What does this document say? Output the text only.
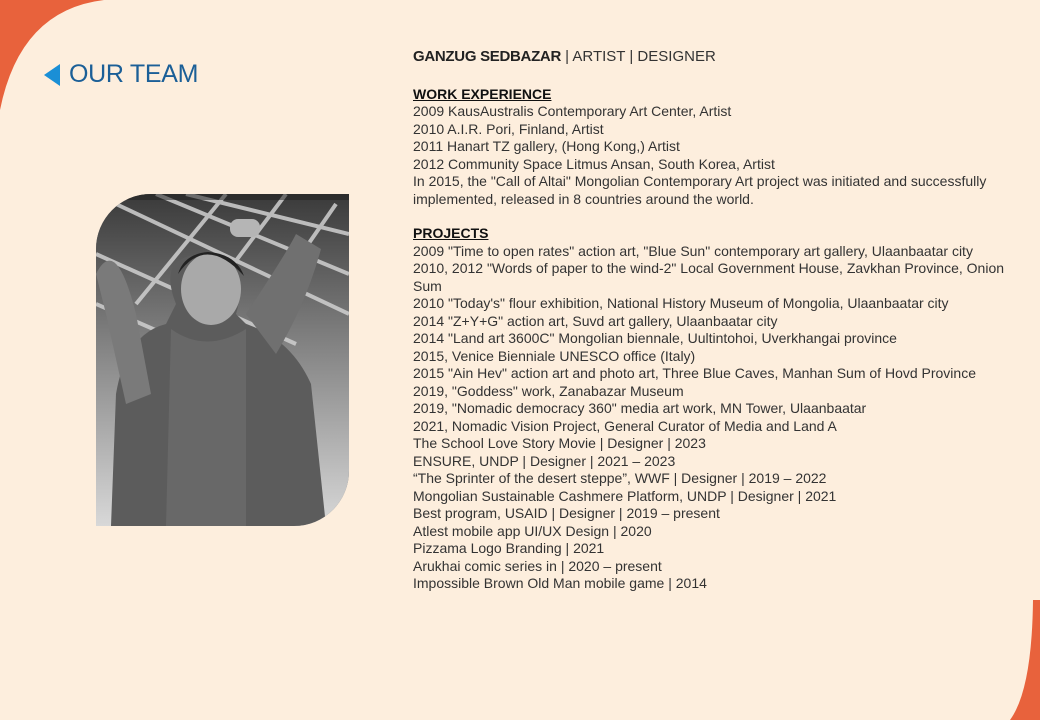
OUR TEAM

GANZUG SEDBAZAR | ARTIST | DESIGNER

WORK EXPERIENCE

2009 KausAustralis Contemporary Art Center, Artist
2010 A.I.R. Pori, Finland, Artist
2011 Hanart TZ gallery, (Hong Kong,) Artist
2012 Community Space Litmus Ansan, South Korea, Artist
In 2015, the "Call of Altai" Mongolian Contemporary Art project was initiated and successfully implemented, released in 8 countries around the world.

PROJECTS

2009 "Time to open rates" action art, "Blue Sun" contemporary art gallery, Ulaanbaatar city
2010, 2012 "Words of paper to the wind-2" Local Government House, Zavkhan Province, Onion Sum
2010 "Today's" flour exhibition, National History Museum of Mongolia, Ulaanbaatar city
2014 "Z+Y+G" action art, Suvd art gallery, Ulaanbaatar city
2014 "Land art 3600C" Mongolian biennale, Uultintohoi, Uverkhangai province
2015, Venice Bienniale UNESCO office (Italy)
2015 "Ain Hev" action art and photo art, Three Blue Caves, Manhan Sum of Hovd Province
2019, "Goddess" work, Zanabazar Museum
2019, "Nomadic democracy 360" media art work, MN Tower, Ulaanbaatar
2021, Nomadic Vision Project, General Curator of Media and Land A
The School Love Story Movie | Designer | 2023
ENSURE, UNDP | Designer | 2021 – 2023
“The Sprinter of the desert steppe”, WWF | Designer | 2019 – 2022
Mongolian Sustainable Cashmere Platform, UNDP | Designer | 2021
Best program, USAID | Designer | 2019 – present
Atlest mobile app UI/UX Design | 2020
Pizzama Logo Branding | 2021
Arukhai comic series in | 2020 – present
Impossible Brown Old Man mobile game | 2014
